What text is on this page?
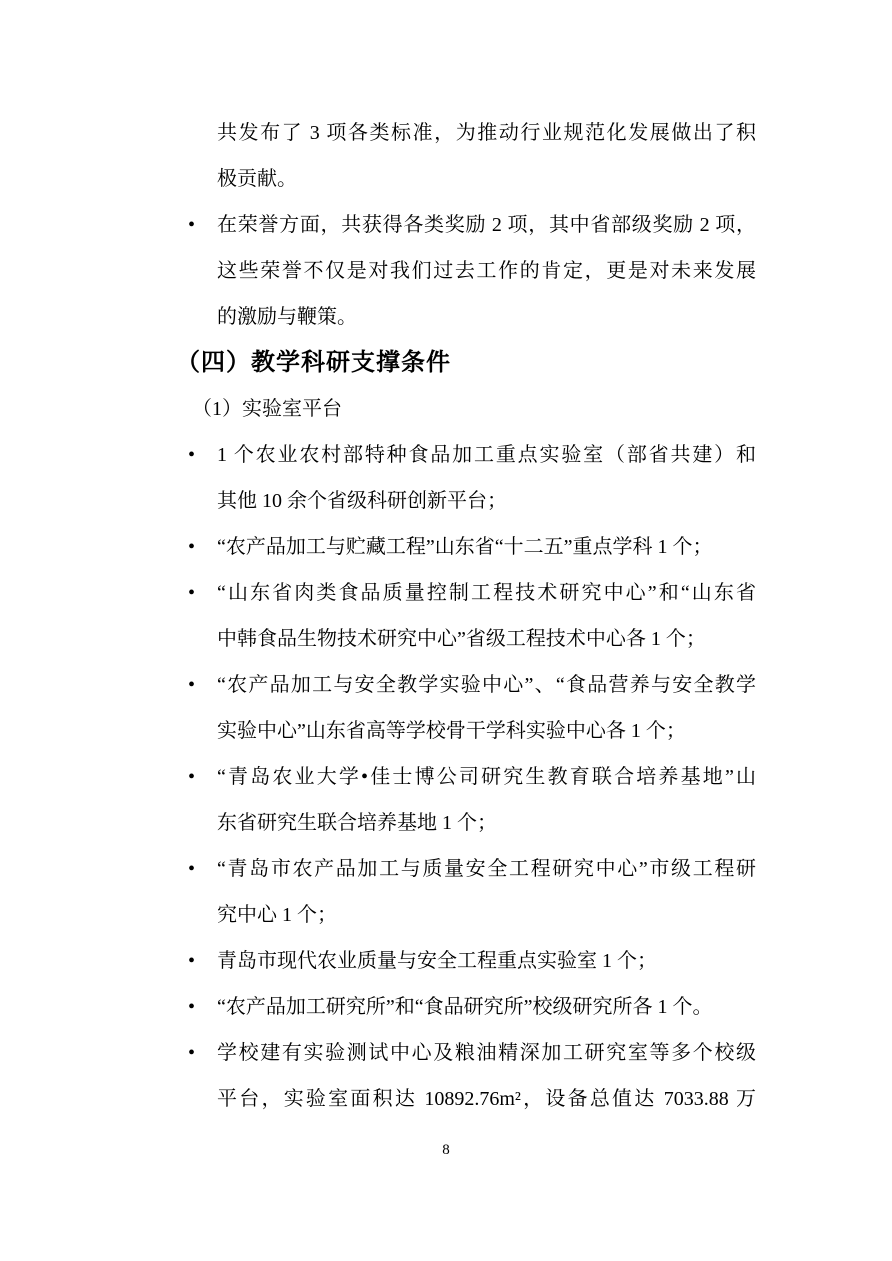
共发布了 3 项各类标准，为推动行业规范化发展做出了积
极贡献。
• 在荣誉方面，共获得各类奖励 2 项，其中省部级奖励 2 项，
这些荣誉不仅是对我们过去工作的肯定，更是对未来发展
的激励与鞭策。
（四）教学科研支撑条件
（1）实验室平台
• 1 个农业农村部特种食品加工重点实验室（部省共建）和
其他 10 余个省级科研创新平台；
• “农产品加工与贮藏工程”山东省“十二五”重点学科 1 个；
• “山东省肉类食品质量控制工程技术研究中心”和“山东省
中韩食品生物技术研究中心”省级工程技术中心各 1 个；
• “农产品加工与安全教学实验中心”、“食品营养与安全教学
实验中心”山东省高等学校骨干学科实验中心各 1 个；
• “青岛农业大学•佳士博公司研究生教育联合培养基地”山
东省研究生联合培养基地 1 个；
• “青岛市农产品加工与质量安全工程研究中心”市级工程研
究中心 1 个；
• 青岛市现代农业质量与安全工程重点实验室 1 个；
• “农产品加工研究所”和“食品研究所”校级研究所各 1 个。
• 学校建有实验测试中心及粮油精深加工研究室等多个校级
平台，实验室面积达 10892.76m²，设备总值达 7033.88 万
8
